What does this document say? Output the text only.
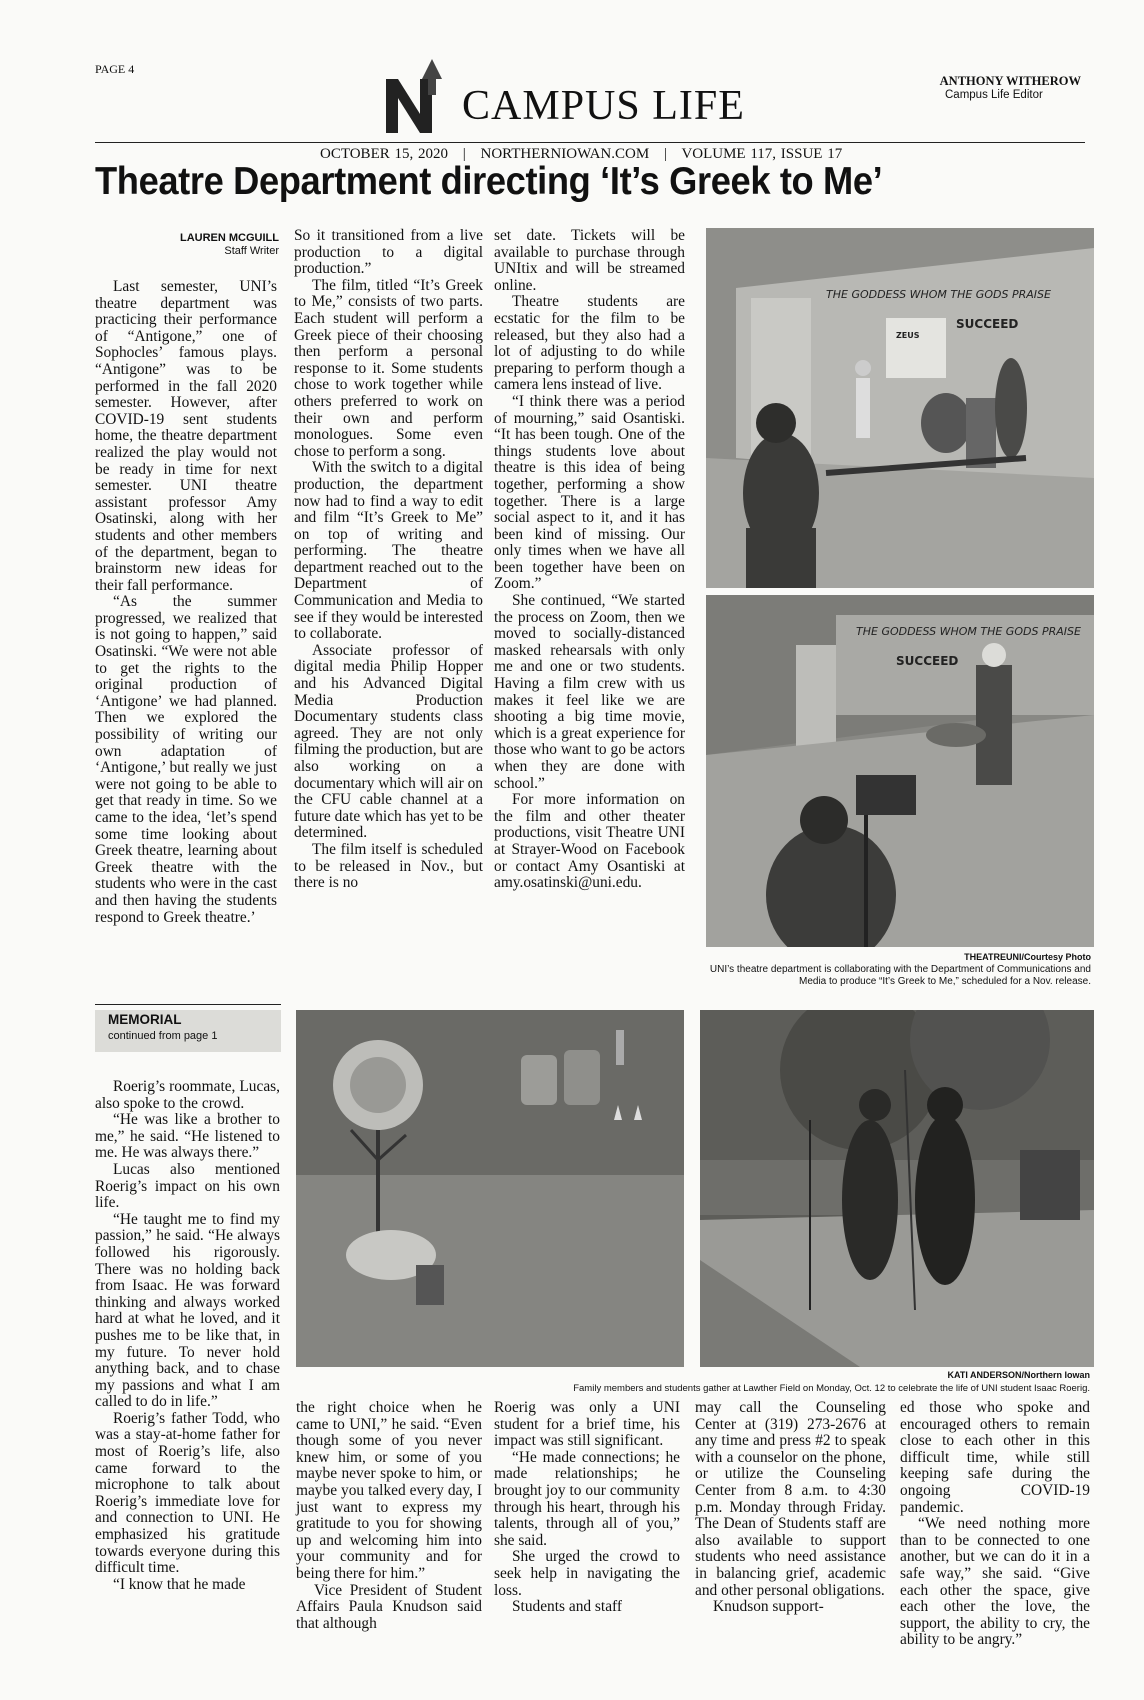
PAGE 4
CAMPUS LIFE
ANTHONY WITHEROW
Campus Life Editor
OCTOBER 15, 2020 | NORTHERNIOWAN.COM | VOLUME 117, ISSUE 17
Theatre Department directing ‘It’s Greek to Me’
LAUREN MCGUILL
Staff Writer

Last semester, UNI’s theatre department was practicing their performance of “Antigone,” one of Sophocles’ famous plays. “Antigone” was to be performed in the fall 2020 semester. However, after COVID-19 sent students home, the theatre department realized the play would not be ready in time for next semester. UNI theatre assistant professor Amy Osatinski, along with her students and other members of the department, began to brainstorm new ideas for their fall performance.

“As the summer progressed, we realized that is not going to happen,” said Osatinski. “We were not able to get the rights to the original production of ‘Antigone’ we had planned. Then we explored the possibility of writing our own adaptation of ‘Antigone,’ but really we just were not going to be able to get that ready in time. So we came to the idea, ‘let’s spend some time looking about Greek theatre, learning about Greek theatre with the students who were in the cast and then having the students respond to Greek theatre.’

So it transitioned from a live production to a digital production.”

The film, titled “It’s Greek to Me,” consists of two parts. Each student will perform a Greek piece of their choosing then perform a personal response to it. Some students chose to work together while others preferred to work on their own and perform monologues. Some even chose to perform a song.

With the switch to a digital production, the department now had to find a way to edit and film “It’s Greek to Me” on top of writing and performing. The theatre department reached out to the Department of Communication and Media to see if they would be interested to collaborate.

Associate professor of digital media Philip Hopper and his Advanced Digital Media Production Documentary students class agreed. They are not only filming the production, but are also working on a documentary which will air on the CFU cable channel at a future date which has yet to be determined.

The film itself is scheduled to be released in Nov., but there is no

set date. Tickets will be available to purchase through UNItix and will be streamed online.

Theatre students are ecstatic for the film to be released, but they also had a lot of adjusting to do while preparing to perform though a camera lens instead of live.

“I think there was a period of mourning,” said Osantiski. “It has been tough. One of the things students love about theatre is this idea of being together, performing a show together. There is a large social aspect to it, and it has been kind of missing. Our only times when we have all been together have been on Zoom.”

She continued, “We started the process on Zoom, then we moved to socially-distanced masked rehearsals with only me and one or two students. Having a film crew with us makes it feel like we are shooting a big time movie, which is a great experience for those who want to go be actors when they are done with school.”

For more information on the film and other theater productions, visit Theatre UNI at Strayer-Wood on Facebook or contact Amy Osantiski at amy.osatinski@uni.edu.

THE GODDESS WHOM THE GODS PRAISE
ZEUS
SUCCEED
THE GODDESS WHOM THE GODS PRAISE
SUCCEED
THEATREUNI/Courtesy Photo
UNI’s theatre department is collaborating with the Department of Communications and Media to produce “It’s Greek to Me,” scheduled for a Nov. release.
MEMORIAL
continued from page 1

Roerig’s roommate, Lucas, also spoke to the crowd.

“He was like a brother to me,” he said. “He listened to me. He was always there.”

Lucas also mentioned Roerig’s impact on his own life.

“He taught me to find my passion,” he said. “He always followed his rigorously. There was no holding back from Isaac. He was forward thinking and always worked hard at what he loved, and it pushes me to be like that, in my future. To never hold anything back, and to chase my passions and what I am called to do in life.”

Roerig’s father Todd, who was a stay-at-home father for most of Roerig’s life, also came forward to the microphone to talk about Roerig’s immediate love for and connection to UNI. He emphasized his gratitude towards everyone during this difficult time.

“I know that he made

KATI ANDERSON/Northern Iowan
Family members and students gather at Lawther Field on Monday, Oct. 12 to celebrate the life of UNI student Isaac Roerig.

the right choice when he came to UNI,” he said. “Even though some of you never knew him, or some of you maybe never spoke to him, or maybe you talked every day, I just want to express my gratitude to you for showing up and welcoming him into your community and for being there for him.”

Vice President of Student Affairs Paula Knudson said that although

Roerig was only a UNI student for a brief time, his impact was still significant.

“He made connections; he made relationships; he brought joy to our community through his heart, through his talents, through all of you,” she said.

She urged the crowd to seek help in navigating the loss.

Students and staff

may call the Counseling Center at (319) 273-2676 at any time and press #2 to speak with a counselor on the phone, or utilize the Counseling Center from 8 a.m. to 4:30 p.m. Monday through Friday. The Dean of Students staff are also available to support students who need assistance in balancing grief, academic and other personal obligations.

Knudson support-

ed those who spoke and encouraged others to remain close to each other in this difficult time, while still keeping safe during the ongoing COVID-19 pandemic.

“We need nothing more than to be connected to one another, but we can do it in a safe way,” she said. “Give each other the space, give each other the love, the support, the ability to cry, the ability to be angry.”
